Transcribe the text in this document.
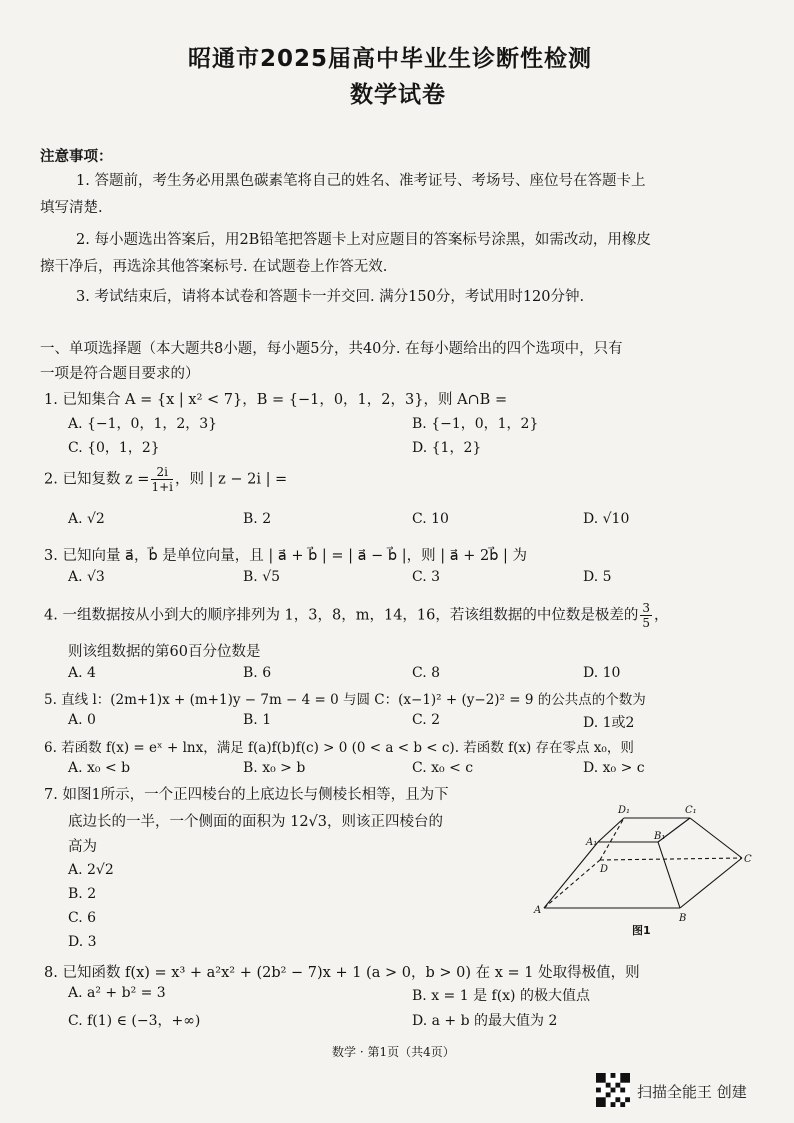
昭通市2025届高中毕业生诊断性检测
数学试卷
注意事项：
1. 答题前，考生务必用黑色碳素笔将自己的姓名、准考证号、考场号、座位号在答题卡上
填写清楚.
2. 每小题选出答案后，用2B铅笔把答题卡上对应题目的答案标号涂黑，如需改动，用橡皮
擦干净后，再选涂其他答案标号. 在试题卷上作答无效.
3. 考试结束后，请将本试卷和答题卡一并交回. 满分150分，考试用时120分钟.
一、单项选择题（本大题共8小题，每小题5分，共40分. 在每小题给出的四个选项中，只有
一项是符合题目要求的）
1. 已知集合 A = {x | x² < 7}，B = {−1，0，1，2，3}，则 A∩B =
A. {−1，0，1，2，3}	B. {−1，0，1，2}
C. {0，1，2}	D. {1，2}
2. 已知复数 $z = \frac{2i}{1+i}$ ，则 | z − 2i | =
A. √2	B. 2	C. 10	D. √10
3. 已知向量 a⃗，b⃗ 是单位向量，且 | a⃗ + b⃗ | = | a⃗ − b⃗ |，则 | a⃗ + 2b⃗ | 为
A. √3	B. √5	C. 3	D. 5
4. 一组数据按从小到大的顺序排列为 1，3，8，m，14，16，若该组数据的中位数是极差的 $\frac{3}{5}$ ，
则该组数据的第60百分位数是
A. 4	B. 6	C. 8	D. 10
5. 直线 l：(2m+1)x + (m+1)y − 7m − 4 = 0 与圆 C：(x−1)² + (y−2)² = 9 的公共点的个数为
A. 0	B. 1	C. 2	D. 1或2
6. 若函数 f(x) = eˣ + lnx，满足 f(a)f(b)f(c) > 0 (0 < a < b < c). 若函数 f(x) 存在零点 x₀，则
A. x₀ < b	B. x₀ > b	C. x₀ < c	D. x₀ > c
7. 如图1所示，一个正四棱台的上底边长与侧棱长相等，且为下
底边长的一半，一个侧面的面积为 12√3，则该正四棱台的
高为
A. 2√2
B. 2
C. 6
D. 3
D₁	C₁
A₁
B₁
D
C
A
B
图1
8. 已知函数 f(x) = x³ + a²x² + (2b² − 7)x + 1 (a > 0，b > 0) 在 x = 1 处取得极值，则
A. a² + b² = 3	B. x = 1 是 f(x) 的极大值点
C. f(1) ∈ (−3，+∞)	D. a + b 的最大值为 2
数学 · 第1页（共4页）
扫描全能王 创建
